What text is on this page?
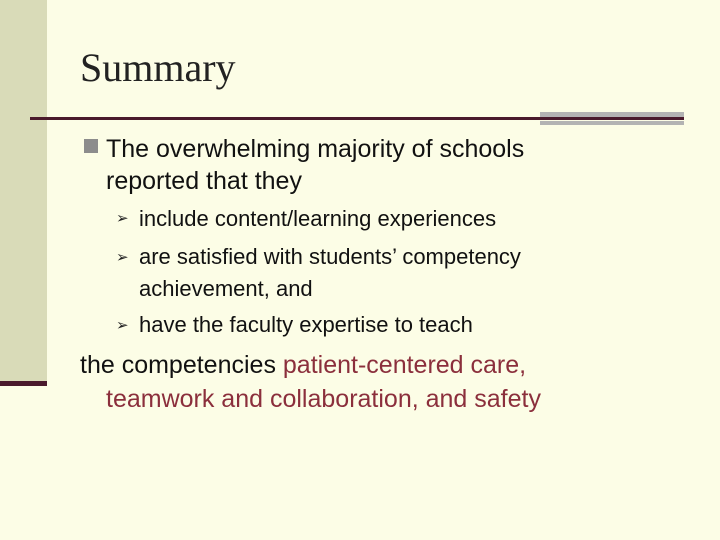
Summary
The overwhelming majority of schools
reported that they
➢ include content/learning experiences
➢ are satisfied with students’ competency
achievement, and
➢ have the faculty expertise to teach
the competencies patient-centered care,
teamwork and collaboration, and safety
